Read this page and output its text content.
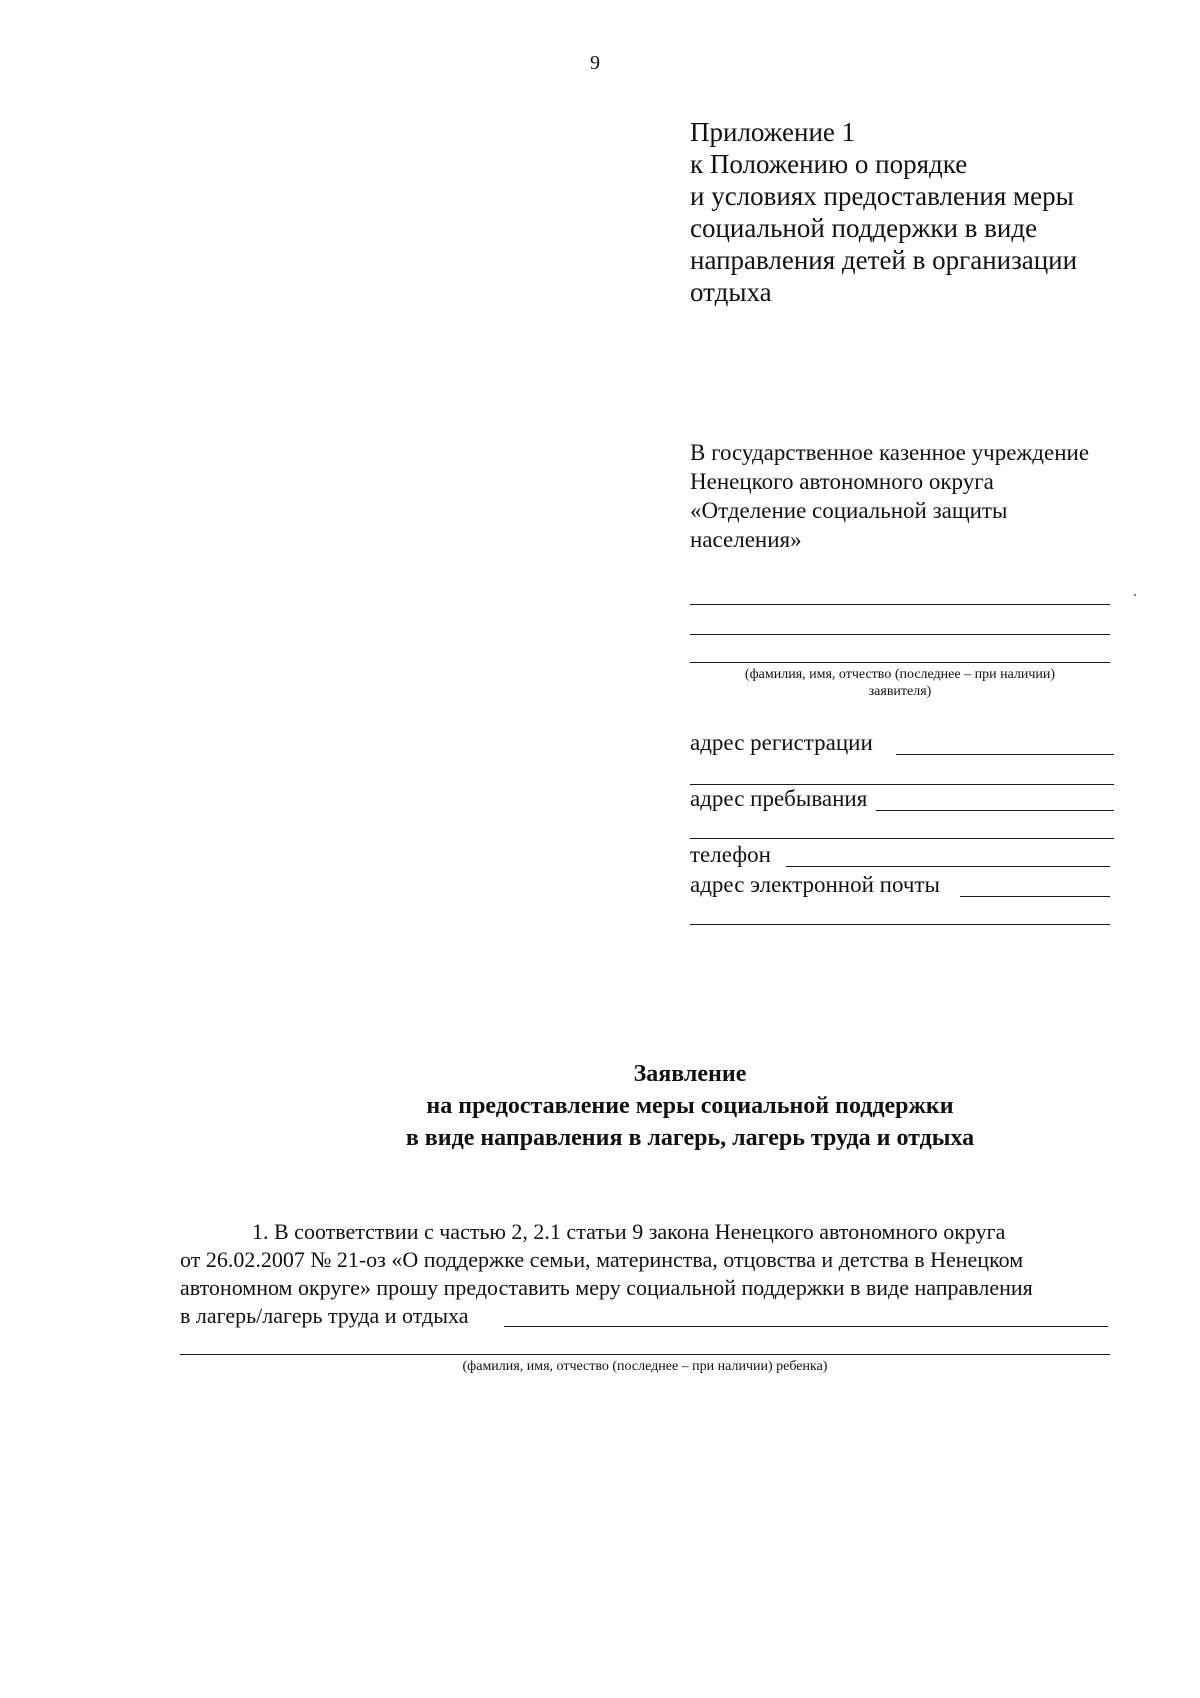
9
Приложение 1
к Положению о порядке
и условиях предоставления меры
социальной поддержки в виде
направления детей в организации
отдыха
В государственное казенное учреждение
Ненецкого автономного округа
«Отделение социальной защиты
населения»
(фамилия, имя, отчество (последнее – при наличии)
заявителя)
адрес регистрации
адрес пребывания
телефон
адрес электронной почты
Заявление
на предоставление меры социальной поддержки
в виде направления в лагерь, лагерь труда и отдыха
1. В соответствии с частью 2, 2.1 статьи 9 закона Ненецкого автономного округа
от 26.02.2007 № 21-оз «О поддержке семьи, материнства, отцовства и детства в Ненецком
автономном округе» прошу предоставить меру социальной поддержки в виде направления
в лагерь/лагерь труда и отдыха
(фамилия, имя, отчество (последнее – при наличии) ребенка)
